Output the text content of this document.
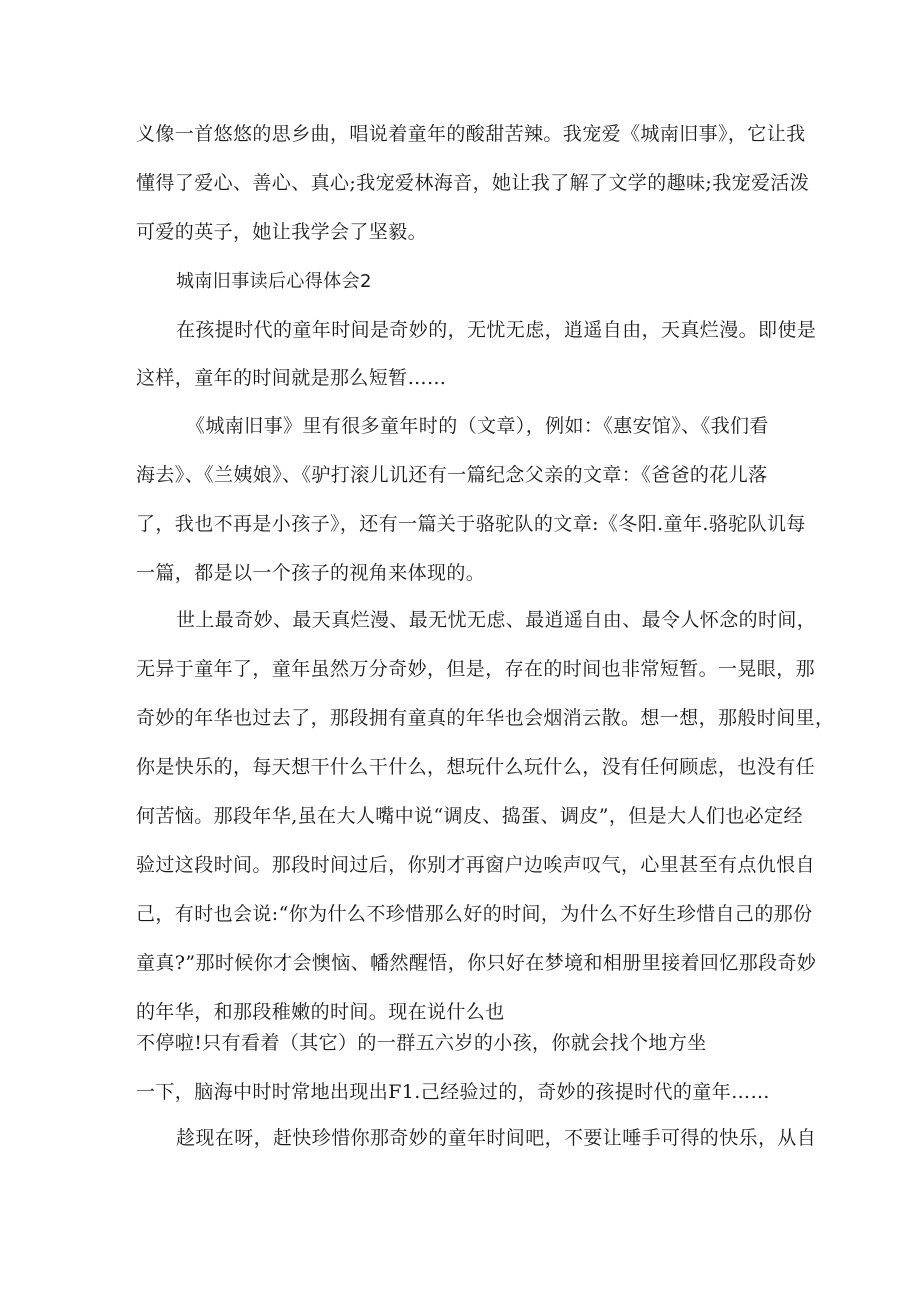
义像一首悠悠的思乡曲，唱说着童年的酸甜苦辣。我宠爱《城南旧事》，它让我
懂得了爱心、善心、真心;我宠爱林海音，她让我了解了文学的趣味;我宠爱活泼
可爱的英子，她让我学会了坚毅。
城南旧事读后心得体会2
在孩提时代的童年时间是奇妙的，无忧无虑，逍遥自由，天真烂漫。即使是
这样，童年的时间就是那么短暂……
《城南旧事》里有很多童年时的（文章），例如：《惠安馆》、《我们看
海去》、《兰姨娘》、《驴打滚儿讥还有一篇纪念父亲的文章：《爸爸的花儿落
了，我也不再是小孩子》，还有一篇关于骆驼队的文章:《冬阳.童年.骆驼队讥每
一篇，都是以一个孩子的视角来体现的。
世上最奇妙、最天真烂漫、最无忧无虑、最逍遥自由、最令人怀念的时间，
无异于童年了，童年虽然万分奇妙，但是，存在的时间也非常短暂。一晃眼，那
奇妙的年华也过去了，那段拥有童真的年华也会烟消云散。想一想，那般时间里，
你是快乐的，每天想干什么干什么，想玩什么玩什么，没有任何顾虑，也没有任
何苦恼。那段年华,虽在大人嘴中说“调皮、捣蛋、调皮”，但是大人们也必定经
验过这段时间。那段时间过后，你别才再窗户边唉声叹气，心里甚至有点仇恨自
己，有时也会说:“你为什么不珍惜那么好的时间，为什么不好生珍惜自己的那份
童真?”那时候你才会懊恼、幡然醒悟，你只好在梦境和相册里接着回忆那段奇妙
的年华，和那段稚嫩的时间。现在说什么也
不停啦!只有看着（其它）的一群五六岁的小孩，你就会找个地方坐
一下，脑海中时时常地出现出F1.己经验过的，奇妙的孩提时代的童年……
趁现在呀，赶快珍惜你那奇妙的童年时间吧，不要让唾手可得的快乐，从自
